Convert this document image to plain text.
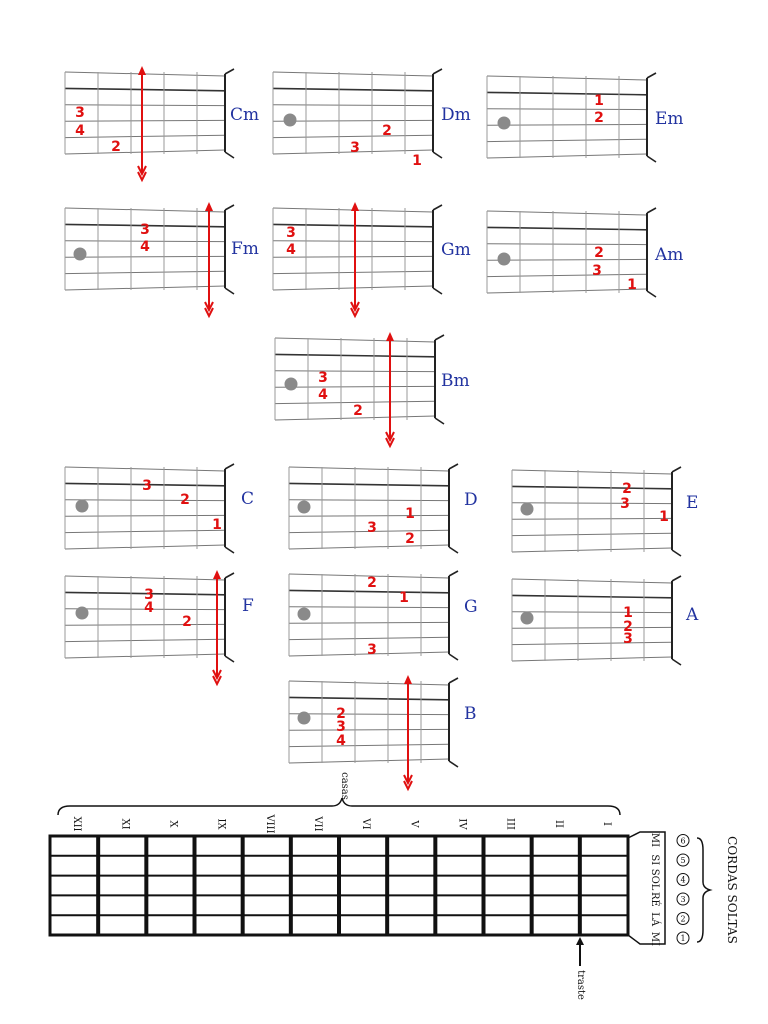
3
4
2
Cm
2
3
1
Dm
1
2	Em
3
4	Fm
3
4	Gm	2
3
1
Am
3
4
2
Bm
3
2
1
C
1
3
2
D
2
3
1
E
3
4
2
F
2
1
3
G	1
2
3
A
2
3
4
B
I
II
III
IV
V
VI
VII
VIII
IX
X
XI
XII
casas
MI
SI
SOL
RÉ
LÁ
MI	1
2
3
4
5
6	CORDAS SOLTAS
traste
